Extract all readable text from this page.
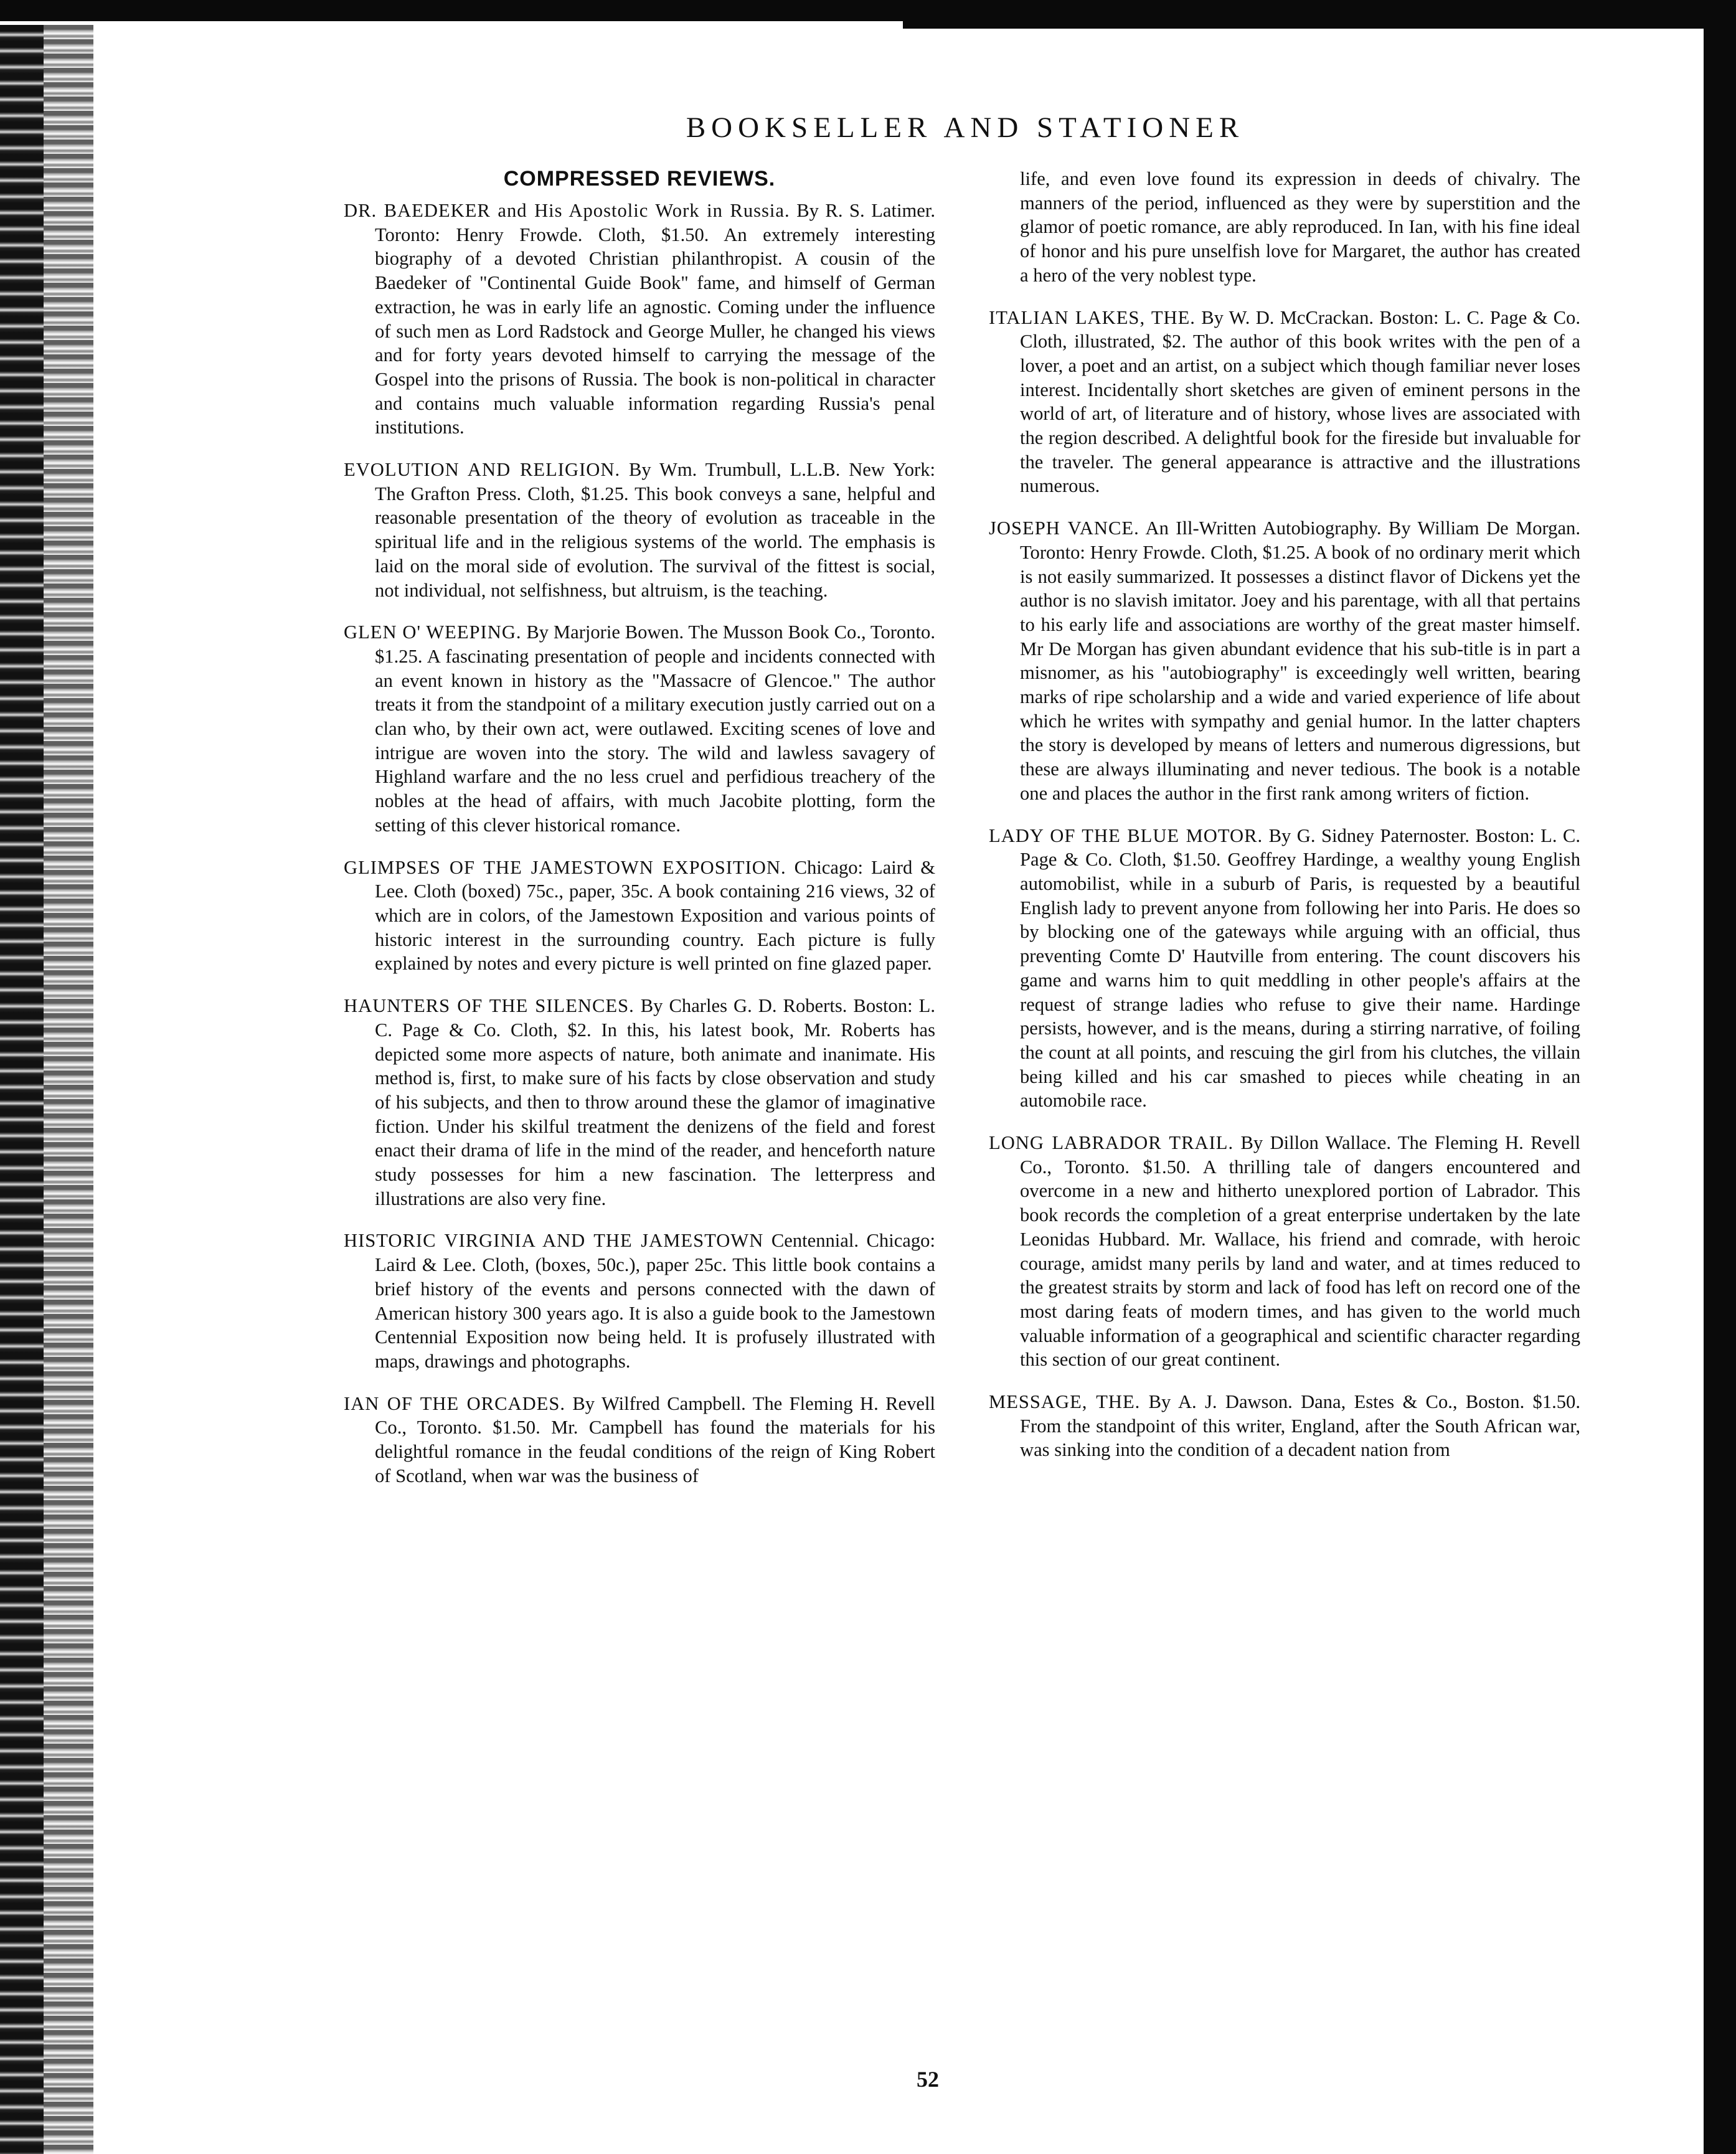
BOOKSELLER AND STATIONER
COMPRESSED REVIEWS.

DR. BAEDEKER and His Apostolic Work in Russia. By R. S. Latimer. Toronto: Henry Frowde. Cloth, $1.50. An extremely interesting biography of a devoted Christian philanthropist. A cousin of the Baedeker of "Continental Guide Book" fame, and himself of German extraction, he was in early life an agnostic. Coming under the influence of such men as Lord Radstock and George Muller, he changed his views and for forty years devoted himself to carrying the message of the Gospel into the prisons of Russia. The book is non-political in character and contains much valuable information regarding Russia's penal institutions.

EVOLUTION AND RELIGION. By Wm. Trumbull, L.L.B. New York: The Grafton Press. Cloth, $1.25. This book conveys a sane, helpful and reasonable presentation of the theory of evolution as traceable in the spiritual life and in the religious systems of the world. The emphasis is laid on the moral side of evolution. The survival of the fittest is social, not individual, not selfishness, but altruism, is the teaching.

GLEN O' WEEPING. By Marjorie Bowen. The Musson Book Co., Toronto. $1.25. A fascinating presentation of people and incidents connected with an event known in history as the "Massacre of Glencoe." The author treats it from the standpoint of a military execution justly carried out on a clan who, by their own act, were outlawed. Exciting scenes of love and intrigue are woven into the story. The wild and lawless savagery of Highland warfare and the no less cruel and perfidious treachery of the nobles at the head of affairs, with much Jacobite plotting, form the setting of this clever historical romance.

GLIMPSES OF THE JAMESTOWN EXPOSITION. Chicago: Laird & Lee. Cloth (boxed) 75c., paper, 35c. A book containing 216 views, 32 of which are in colors, of the Jamestown Exposition and various points of historic interest in the surrounding country. Each picture is fully explained by notes and every picture is well printed on fine glazed paper.

HAUNTERS OF THE SILENCES. By Charles G. D. Roberts. Boston: L. C. Page & Co. Cloth, $2. In this, his latest book, Mr. Roberts has depicted some more aspects of nature, both animate and inanimate. His method is, first, to make sure of his facts by close observation and study of his subjects, and then to throw around these the glamor of imaginative fiction. Under his skilful treatment the denizens of the field and forest enact their drama of life in the mind of the reader, and henceforth nature study possesses for him a new fascination. The letterpress and illustrations are also very fine.

HISTORIC VIRGINIA AND THE JAMESTOWN Centennial. Chicago: Laird & Lee. Cloth, (boxes, 50c.), paper 25c. This little book contains a brief history of the events and persons connected with the dawn of American history 300 years ago. It is also a guide book to the Jamestown Centennial Exposition now being held. It is profusely illustrated with maps, drawings and photographs.

IAN OF THE ORCADES. By Wilfred Campbell. The Fleming H. Revell Co., Toronto. $1.50. Mr. Campbell has found the materials for his delightful romance in the feudal conditions of the reign of King Robert of Scotland, when war was the business of

life, and even love found its expression in deeds of chivalry. The manners of the period, influenced as they were by superstition and the glamor of poetic romance, are ably reproduced. In Ian, with his fine ideal of honor and his pure unselfish love for Margaret, the author has created a hero of the very noblest type.

ITALIAN LAKES, THE. By W. D. McCrackan. Boston: L. C. Page & Co. Cloth, illustrated, $2. The author of this book writes with the pen of a lover, a poet and an artist, on a subject which though familiar never loses interest. Incidentally short sketches are given of eminent persons in the world of art, of literature and of history, whose lives are associated with the region described. A delightful book for the fireside but invaluable for the traveler. The general appearance is attractive and the illustrations numerous.

JOSEPH VANCE. An Ill-Written Autobiography. By William De Morgan. Toronto: Henry Frowde. Cloth, $1.25. A book of no ordinary merit which is not easily summarized. It possesses a distinct flavor of Dickens yet the author is no slavish imitator. Joey and his parentage, with all that pertains to his early life and associations are worthy of the great master himself. Mr De Morgan has given abundant evidence that his sub-title is in part a misnomer, as his "autobiography" is exceedingly well written, bearing marks of ripe scholarship and a wide and varied experience of life about which he writes with sympathy and genial humor. In the latter chapters the story is developed by means of letters and numerous digressions, but these are always illuminating and never tedious. The book is a notable one and places the author in the first rank among writers of fiction.

LADY OF THE BLUE MOTOR. By G. Sidney Paternoster. Boston: L. C. Page & Co. Cloth, $1.50. Geoffrey Hardinge, a wealthy young English automobilist, while in a suburb of Paris, is requested by a beautiful English lady to prevent anyone from following her into Paris. He does so by blocking one of the gateways while arguing with an official, thus preventing Comte D' Hautville from entering. The count discovers his game and warns him to quit meddling in other people's affairs at the request of strange ladies who refuse to give their name. Hardinge persists, however, and is the means, during a stirring narrative, of foiling the count at all points, and rescuing the girl from his clutches, the villain being killed and his car smashed to pieces while cheating in an automobile race.

LONG LABRADOR TRAIL. By Dillon Wallace. The Fleming H. Revell Co., Toronto. $1.50. A thrilling tale of dangers encountered and overcome in a new and hitherto unexplored portion of Labrador. This book records the completion of a great enterprise undertaken by the late Leonidas Hubbard. Mr. Wallace, his friend and comrade, with heroic courage, amidst many perils by land and water, and at times reduced to the greatest straits by storm and lack of food has left on record one of the most daring feats of modern times, and has given to the world much valuable information of a geographical and scientific character regarding this section of our great continent.

MESSAGE, THE. By A. J. Dawson. Dana, Estes & Co., Boston. $1.50. From the standpoint of this writer, England, after the South African war, was sinking into the condition of a decadent nation from

52
